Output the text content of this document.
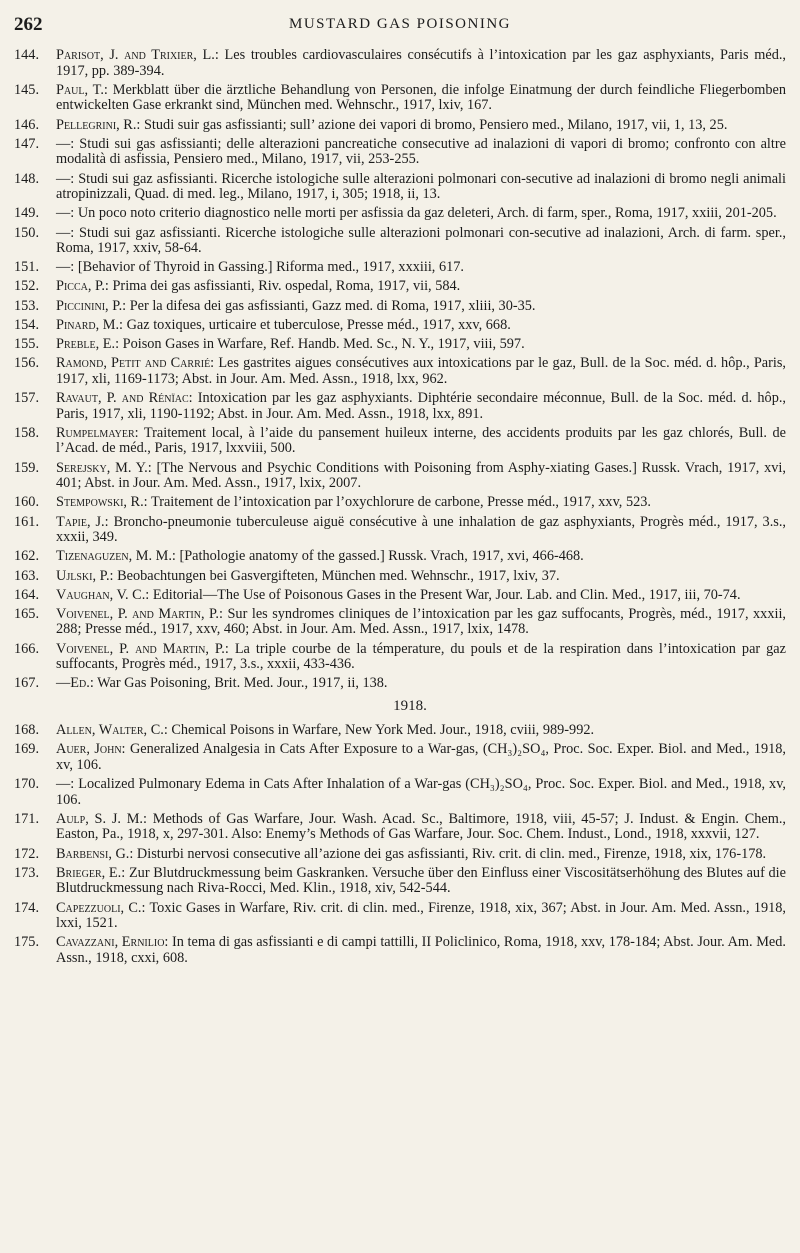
262	MUSTARD GAS POISONING
144.	Parisot, J. and Trixier, L.: Les troubles cardiovasculaires consécutifs à l’intoxication par les gaz asphyxiants, Paris méd., 1917, pp. 389-394.
145.	Paul, T.: Merkblatt über die ärztliche Behandlung von Personen, die infolge Einatmung der durch feindliche Fliegerbomben entwickelten Gase erkrankt sind, München med. Wehnschr., 1917, lxiv, 167.
146.	Pellegrini, R.: Studi suir gas asfissianti; sull’ azione dei vapori di bromo, Pensiero med., Milano, 1917, vii, 1, 13, 25.
147.	—: Studi sui gas asfissianti; delle alterazioni pancreatiche consecutive ad inalazioni di vapori di bromo; confronto con altre modalità di asfissia, Pensiero med., Milano, 1917, vii, 253-255.
148.	—: Studi sui gaz asfissianti. Ricerche istologiche sulle alterazioni polmonari con-secutive ad inalazioni di bromo negli animali atropinizzali, Quad. di med. leg., Milano, 1917, i, 305; 1918, ii, 13.
149.	—: Un poco noto criterio diagnostico nelle morti per asfissia da gaz deleteri, Arch. di farm, sper., Roma, 1917, xxiii, 201-205.
150.	—: Studi sui gaz asfissianti. Ricerche istologiche sulle alterazioni polmonari con-secutive ad inalazioni, Arch. di farm. sper., Roma, 1917, xxiv, 58-64.
151.	—: [Behavior of Thyroid in Gassing.] Riforma med., 1917, xxxiii, 617.
152.	Picca, P.: Prima dei gas asfissianti, Riv. ospedal, Roma, 1917, vii, 584.
153.	Piccinini, P.: Per la difesa dei gas asfissianti, Gazz med. di Roma, 1917, xliii, 30-35.
154.	Pinard, M.: Gaz toxiques, urticaire et tuberculose, Presse méd., 1917, xxv, 668.
155.	Preble, E.: Poison Gases in Warfare, Ref. Handb. Med. Sc., N. Y., 1917, viii, 597.
156.	Ramond, Petit and Carrié: Les gastrites aigues consécutives aux intoxications par le gaz, Bull. de la Soc. méd. d. hôp., Paris, 1917, xli, 1169-1173; Abst. in Jour. Am. Med. Assn., 1918, lxx, 962.
157.	Ravaut, P. and Rénïac: Intoxication par les gaz asphyxiants. Diphtérie secondaire méconnue, Bull. de la Soc. méd. d. hôp., Paris, 1917, xli, 1190-1192; Abst. in Jour. Am. Med. Assn., 1918, lxx, 891.
158.	Rumpelmayer: Traitement local, à l’aide du pansement huileux interne, des accidents produits par les gaz chlorés, Bull. de l’Acad. de méd., Paris, 1917, lxxviii, 500.
159.	Serejsky, M. Y.: [The Nervous and Psychic Conditions with Poisoning from Asphy-xiating Gases.] Russk. Vrach, 1917, xvi, 401; Abst. in Jour. Am. Med. Assn., 1917, lxix, 2007.
160.	Stempowski, R.: Traitement de l’intoxication par l’oxychlorure de carbone, Presse méd., 1917, xxv, 523.
161.	Tapie, J.: Broncho-pneumonie tuberculeuse aiguë consécutive à une inhalation de gaz asphyxiants, Progrès méd., 1917, 3.s., xxxii, 349.
162.	Tizenaguzen, M. M.: [Pathologie anatomy of the gassed.] Russk. Vrach, 1917, xvi, 466-468.
163.	Ujlski, P.: Beobachtungen bei Gasvergifteten, München med. Wehnschr., 1917, lxiv, 37.
164.	Vaughan, V. C.: Editorial—The Use of Poisonous Gases in the Present War, Jour. Lab. and Clin. Med., 1917, iii, 70-74.
165.	Voivenel, P. and Martin, P.: Sur les syndromes cliniques de l’intoxication par les gaz suffocants, Progrès, méd., 1917, xxxii, 288; Presse méd., 1917, xxv, 460; Abst. in Jour. Am. Med. Assn., 1917, lxix, 1478.
166.	Voivenel, P. and Martin, P.: La triple courbe de la témperature, du pouls et de la respiration dans l’intoxication par gaz suffocants, Progrès méd., 1917, 3.s., xxxii, 433-436.
167.	—Ed.: War Gas Poisoning, Brit. Med. Jour., 1917, ii, 138.
1918.
168.	Allen, Walter, C.: Chemical Poisons in Warfare, New York Med. Jour., 1918, cviii, 989-992.
169.	Auer, John: Generalized Analgesia in Cats After Exposure to a War-gas, (CH₃)₂SO₄, Proc. Soc. Exper. Biol. and Med., 1918, xv, 106.
170.	—: Localized Pulmonary Edema in Cats After Inhalation of a War-gas (CH₃)₂SO₄, Proc. Soc. Exper. Biol. and Med., 1918, xv, 106.
171.	Aulp, S. J. M.: Methods of Gas Warfare, Jour. Wash. Acad. Sc., Baltimore, 1918, viii, 45-57; J. Indust. & Engin. Chem., Easton, Pa., 1918, x, 297-301. Also: Enemy’s Methods of Gas Warfare, Jour. Soc. Chem. Indust., Lond., 1918, xxxvii, 127.
172.	Barbensi, G.: Disturbi nervosi consecutive all’azione dei gas asfissianti, Riv. crit. di clin. med., Firenze, 1918, xix, 176-178.
173.	Brieger, E.: Zur Blutdruckmessung beim Gaskranken. Versuche über den Einfluss einer Viscositätserhöhung des Blutes auf die Blutdruckmessung nach Riva-Rocci, Med. Klin., 1918, xiv, 542-544.
174.	Capezzuoli, C.: Toxic Gases in Warfare, Riv. crit. di clin. med., Firenze, 1918, xix, 367; Abst. in Jour. Am. Med. Assn., 1918, lxxi, 1521.
175.	Cavazzani, Ernilio: In tema di gas asfissianti e di campi tattilli, II Policlinico, Roma, 1918, xxv, 178-184; Abst. Jour. Am. Med. Assn., 1918, cxxi, 608.
